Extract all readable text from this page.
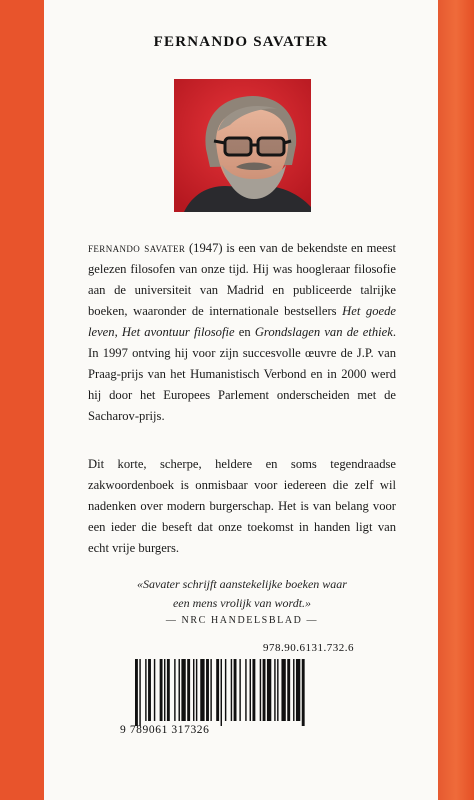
FERNANDO SAVATER
fernando savater (1947) is een van de bekendste en meest gelezen filosofen van onze tijd. Hij was hoogleraar filosofie aan de universiteit van Madrid en publiceerde talrijke boeken, waaronder de internationale bestsellers Het goede leven, Het avontuur filosofie en Grondslagen van de ethiek. In 1997 ontving hij voor zijn succesvolle œuvre de J.P. van Praag-prijs van het Humanistisch Verbond en in 2000 werd hij door het Europees Parlement onderscheiden met de Sacharov-prijs.
Dit korte, scherpe, heldere en soms tegendraadse zakwoordenboek is onmisbaar voor iedereen die zelf wil nadenken over modern burgerschap. Het is van belang voor een ieder die beseft dat onze toekomst in handen ligt van echt vrije burgers.
«Savater schrijft aanstekelijke boeken waar
een mens vrolijk van wordt.»
— NRC HANDELSBLAD —
978.90.6131.732.6
9 789061 317326
